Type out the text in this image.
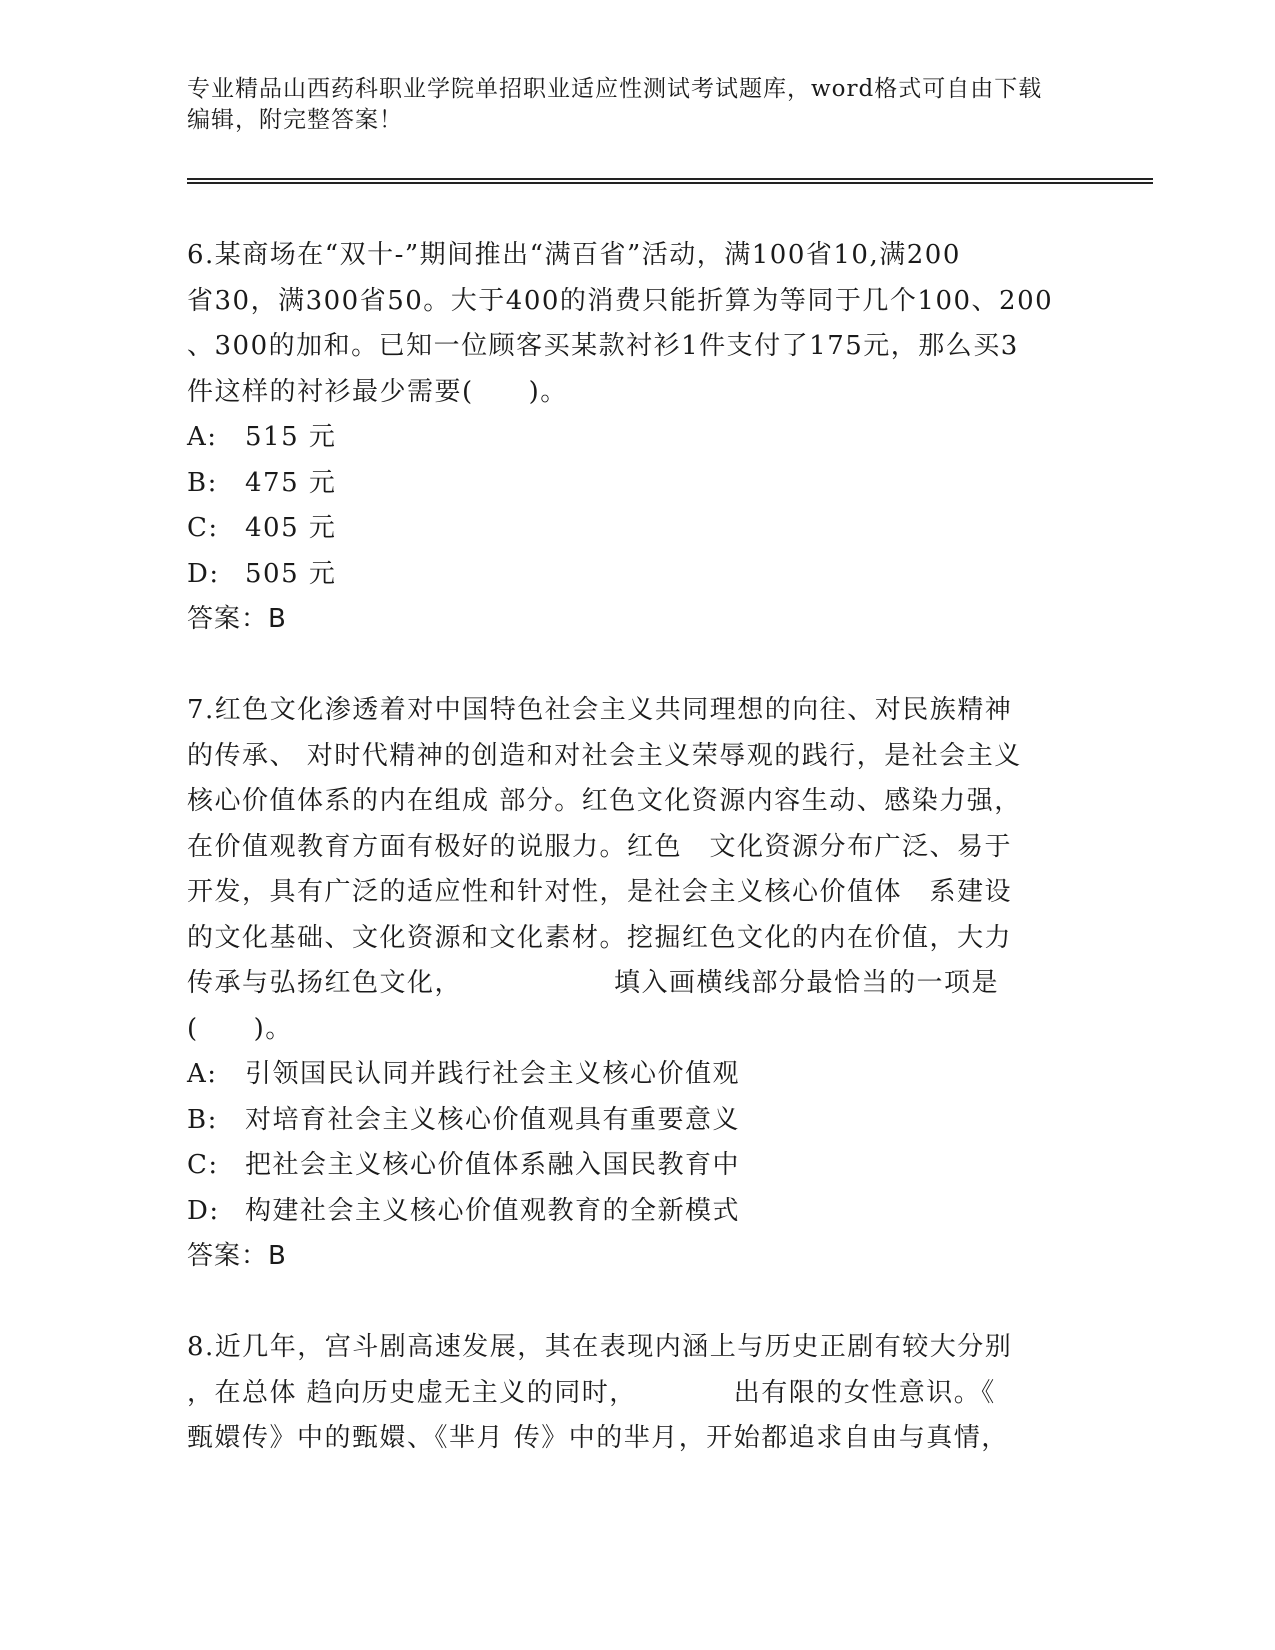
专业精品山西药科职业学院单招职业适应性测试考试题库，word格式可自由下载
编辑，附完整答案！
6.某商场在“双十-”期间推出“满百省”活动，满100省10,满200
省30，满300省50。大于400的消费只能折算为等同于几个100、200
、300的加和。已知一位顾客买某款衬衫1件支付了175元，那么买3
件这样的衬衫最少需要(　　)。
A: 515 元
B: 475 元
C: 405 元
D: 505 元
答案：B
7.红色文化渗透着对中国特色社会主义共同理想的向往、对民族精神
的传承、 对时代精神的创造和对社会主义荣辱观的践行，是社会主义
核心价值体系的内在组成 部分。红色文化资源内容生动、感染力强，
在价值观教育方面有极好的说服力。红色　文化资源分布广泛、易于
开发，具有广泛的适应性和针对性，是社会主义核心价值体　系建设
的文化基础、文化资源和文化素材。挖掘红色文化的内在价值，大力
传承与弘扬红色文化，　　　　　　填入画横线部分最恰当的一项是
(　　)。
A: 引领国民认同并践行社会主义核心价值观
B: 对培育社会主义核心价值观具有重要意义
C: 把社会主义核心价值体系融入国民教育中
D: 构建社会主义核心价值观教育的全新模式
答案：B
8.近几年，宫斗剧高速发展，其在表现内涵上与历史正剧有较大分别
，在总体 趋向历史虚无主义的同时，　　　　出有限的女性意识。《
甄嬛传》中的甄嬛、《芈月 传》中的芈月，开始都追求自由与真情，
